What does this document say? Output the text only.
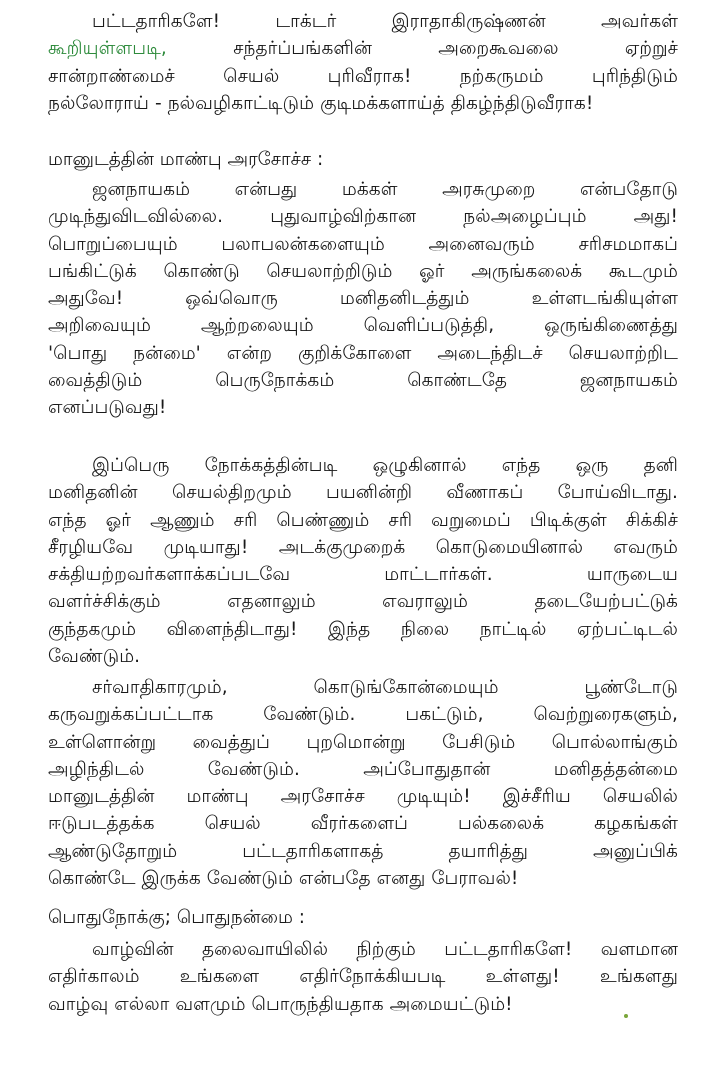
பட்டதாரிகளே! டாக்டர் இராதாகிருஷ்ணன் அவர்கள்
கூறியுள்ளபடி, சந்தர்ப்பங்களின் அறைகூவலை ஏற்றுச்
சான்றாண்மைச் செயல் புரிவீராக! நற்கருமம் புரிந்திடும்
நல்லோராய் - நல்வழிகாட்டிடும் குடிமக்களாய்த் திகழ்ந்திடுவீராக!
மானுடத்தின் மாண்பு அரசோச்ச :
ஜனநாயகம் என்பது மக்கள் அரசுமுறை என்பதோடு
முடிந்துவிடவில்லை. புதுவாழ்விற்கான நல்அழைப்பும் அது!
பொறுப்பையும் பலாபலன்களையும் அனைவரும் சரிசமமாகப்
பங்கிட்டுக் கொண்டு செயலாற்றிடும் ஓர் அருங்கலைக் கூடமும்
அதுவே! ஒவ்வொரு மனிதனிடத்தும் உள்ளடங்கியுள்ள
அறிவையும் ஆற்றலையும் வெளிப்படுத்தி, ஒருங்கிணைத்து
'பொது நன்மை' என்ற குறிக்கோளை அடைந்திடச் செயலாற்றிட
வைத்திடும் பெருநோக்கம் கொண்டதே ஜனநாயகம்
எனப்படுவது!
இப்பெரு நோக்கத்தின்படி ஒழுகினால் எந்த ஒரு தனி
மனிதனின் செயல்திறமும் பயனின்றி வீணாகப் போய்விடாது.
எந்த ஓர் ஆணும் சரி பெண்ணும் சரி வறுமைப் பிடிக்குள் சிக்கிச்
சீரழியவே முடியாது! அடக்குமுறைக் கொடுமையினால் எவரும்
சக்தியற்றவர்களாக்கப்படவே மாட்டார்கள். யாருடைய
வளர்ச்சிக்கும் எதனாலும் எவராலும் தடையேற்பட்டுக்
குந்தகமும் விளைந்திடாது! இந்த நிலை நாட்டில் ஏற்பட்டிடல்
வேண்டும்.
சர்வாதிகாரமும், கொடுங்கோன்மையும் பூண்டோடு
கருவறுக்கப்பட்டாக வேண்டும். பகட்டும், வெற்றுரைகளும்,
உள்ளொன்று வைத்துப் புறமொன்று பேசிடும் பொல்லாங்கும்
அழிந்திடல் வேண்டும். அப்போதுதான் மனிதத்தன்மை
மானுடத்தின் மாண்பு அரசோச்ச முடியும்! இச்சீரிய செயலில்
ஈடுபடத்தக்க செயல் வீரர்களைப் பல்கலைக் கழகங்கள்
ஆண்டுதோறும் பட்டதாரிகளாகத் தயாரித்து அனுப்பிக்
கொண்டே இருக்க வேண்டும் என்பதே எனது பேராவல்!
பொதுநோக்கு; பொதுநன்மை :
வாழ்வின் தலைவாயிலில் நிற்கும் பட்டதாரிகளே! வளமான
எதிர்காலம் உங்களை எதிர்நோக்கியபடி உள்ளது! உங்களது
வாழ்வு எல்லா வளமும் பொருந்தியதாக அமையட்டும்!
